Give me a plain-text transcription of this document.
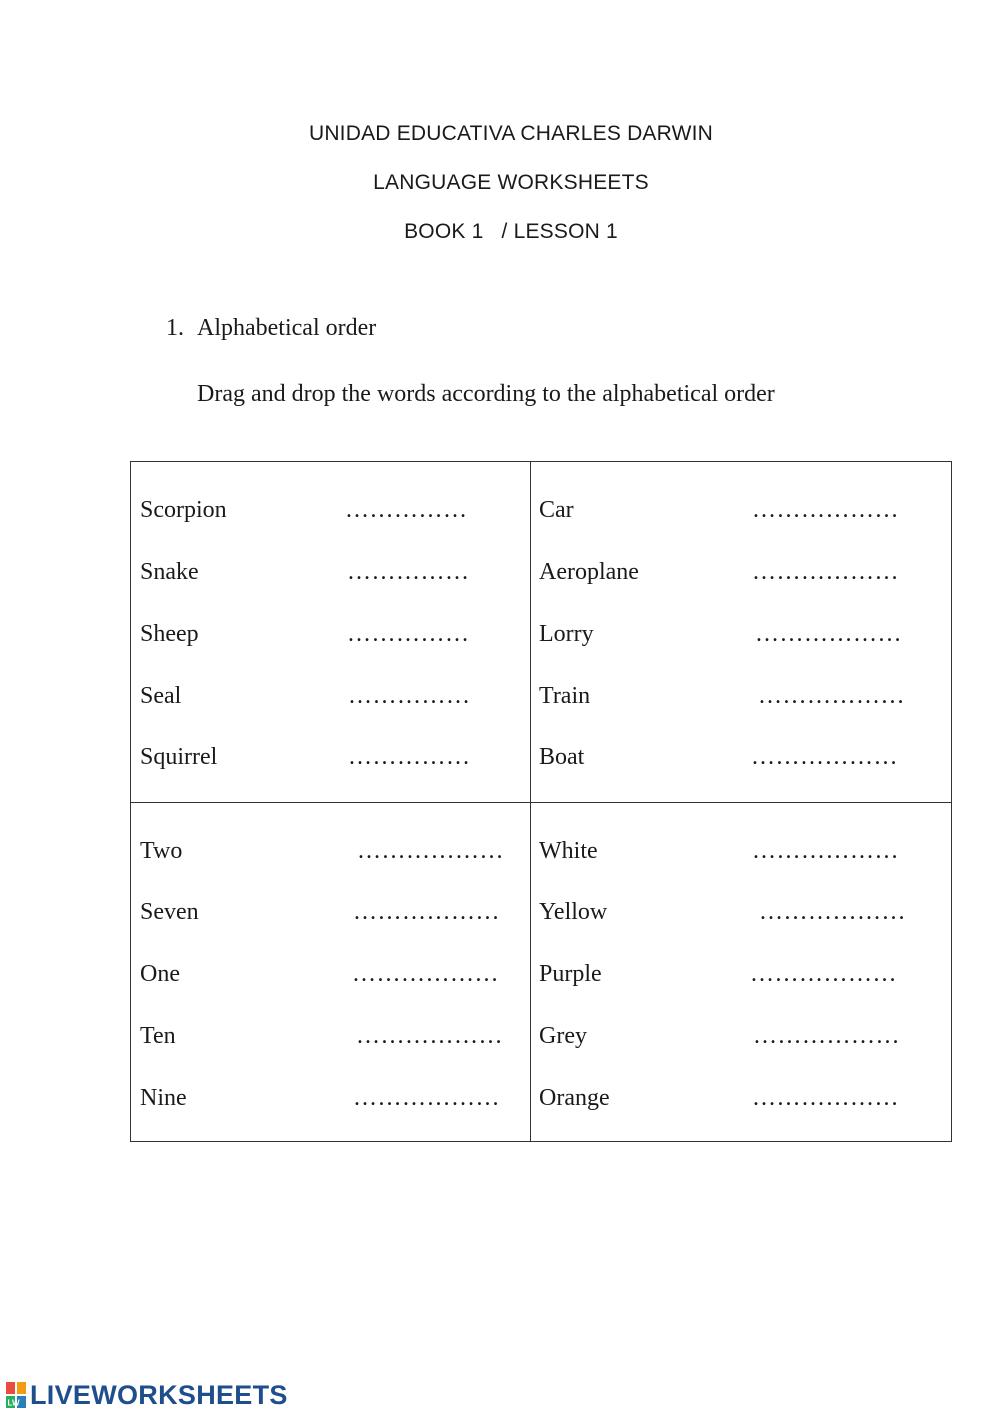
UNIDAD EDUCATIVA CHARLES DARWIN
LANGUAGE WORKSHEETS
BOOK 1 / LESSON 1
1. Alphabetical order
Drag and drop the words according to the alphabetical order
Scorpion	……………
Snake	……………
Sheep	……………
Seal	……………
Squirrel	……………
Car	………………
Aeroplane	………………
Lorry	………………
Train	………………
Boat	………………
Two	………………
Seven	………………
One	………………
Ten	………………
Nine	………………
White	………………
Yellow	………………
Purple	………………
Grey	………………
Orange	………………
LW LIVEWORKSHEETS
